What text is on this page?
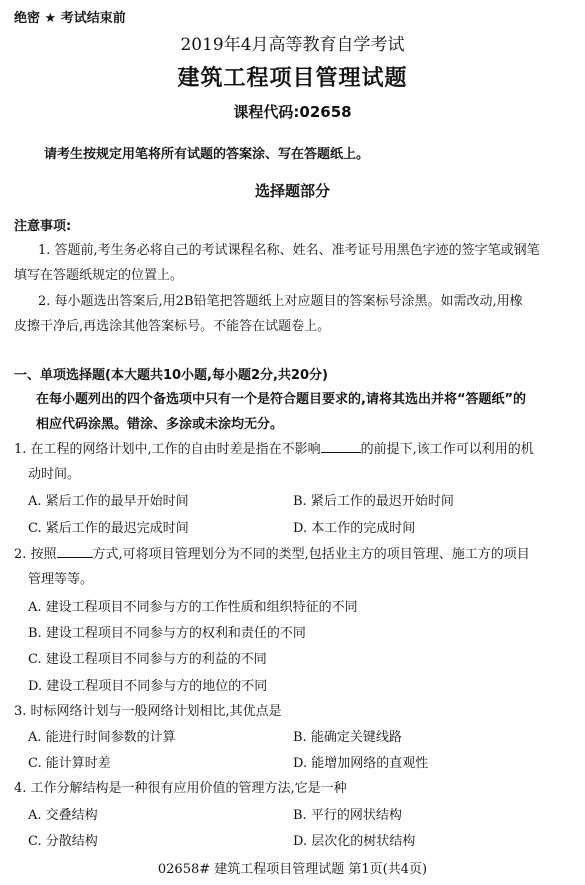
绝密 ★ 考试结束前
2019年4月高等教育自学考试
建筑工程项目管理试题
课程代码:02658
请考生按规定用笔将所有试题的答案涂、写在答题纸上。
选择题部分
注意事项:
1. 答题前,考生务必将自己的考试课程名称、姓名、准考证号用黑色字迹的签字笔或钢笔
填写在答题纸规定的位置上。
2. 每小题选出答案后,用2B铅笔把答题纸上对应题目的答案标号涂黑。如需改动,用橡
皮擦干净后,再选涂其他答案标号。不能答在试题卷上。
一、单项选择题(本大题共10小题,每小题2分,共20分)
在每小题列出的四个备选项中只有一个是符合题目要求的,请将其选出并将“答题纸”的
相应代码涂黑。错涂、多涂或未涂均无分。
1. 在工程的网络计划中,工作的自由时差是指在不影响	的前提下,该工作可以利用的机
动时间。
A. 紧后工作的最早开始时间	B. 紧后工作的最迟开始时间
C. 紧后工作的最迟完成时间	D. 本工作的完成时间
2. 按照	方式,可将项目管理划分为不同的类型,包括业主方的项目管理、施工方的项目
管理等等。
A. 建设工程项目不同参与方的工作性质和组织特征的不同
B. 建设工程项目不同参与方的权利和责任的不同
C. 建设工程项目不同参与方的利益的不同
D. 建设工程项目不同参与方的地位的不同
3. 时标网络计划与一般网络计划相比,其优点是
A. 能进行时间参数的计算	B. 能确定关键线路
C. 能计算时差	D. 能增加网络的直观性
4. 工作分解结构是一种很有应用价值的管理方法,它是一种
A. 交叠结构	B. 平行的网状结构
C. 分散结构	D. 层次化的树状结构
02658# 建筑工程项目管理试题 第1页(共4页)
